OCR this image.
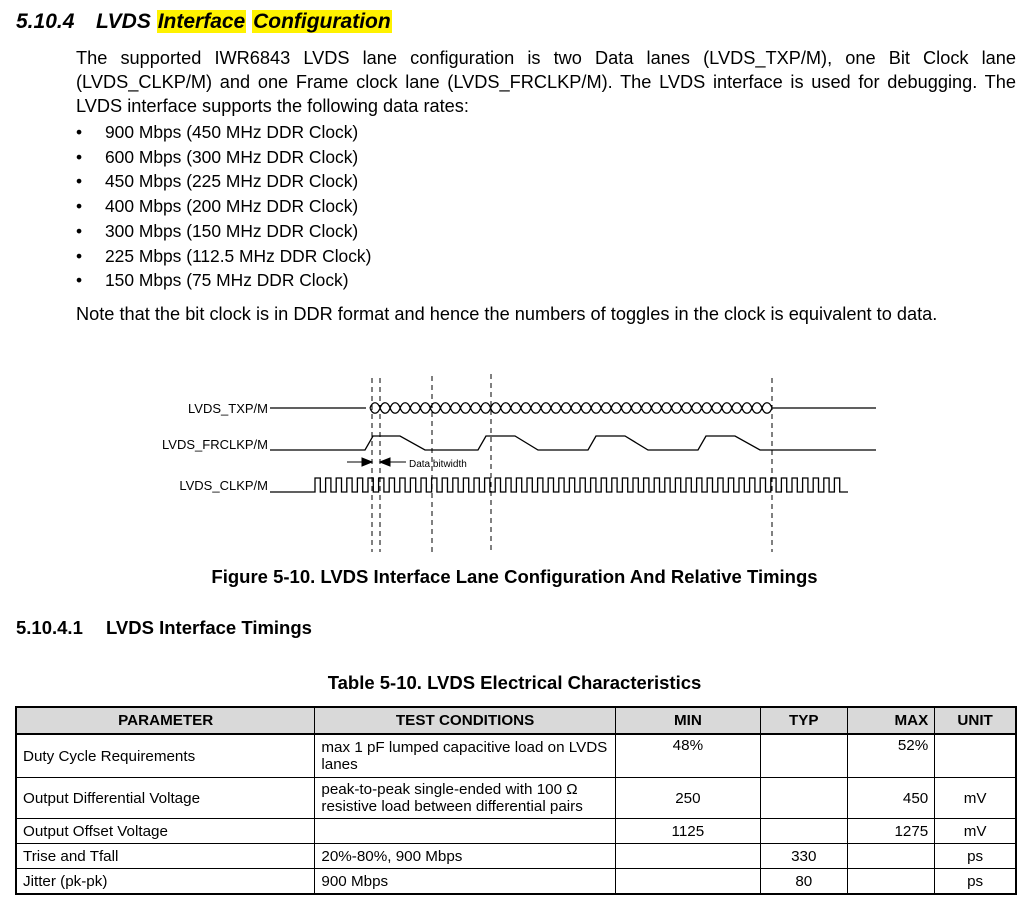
5.10.4 LVDS Interface Configuration
The supported IWR6843 LVDS lane configuration is two Data lanes (LVDS_TXP/M), one Bit Clock lane (LVDS_CLKP/M) and one Frame clock lane (LVDS_FRCLKP/M). The LVDS interface is used for debugging. The LVDS interface supports the following data rates:
• 900 Mbps (450 MHz DDR Clock)
• 600 Mbps (300 MHz DDR Clock)
• 450 Mbps (225 MHz DDR Clock)
• 400 Mbps (200 MHz DDR Clock)
• 300 Mbps (150 MHz DDR Clock)
• 225 Mbps (112.5 MHz DDR Clock)
• 150 Mbps (75 MHz DDR Clock)
Note that the bit clock is in DDR format and hence the numbers of toggles in the clock is equivalent to data.
LVDS_TXP/M
LVDS_FRCLKP/M
LVDS_CLKP/M
Data bitwidth
Figure 5-10. LVDS Interface Lane Configuration And Relative Timings
5.10.4.1 LVDS Interface Timings
Table 5-10. LVDS Electrical Characteristics
PARAMETER	TEST CONDITIONS	MIN	TYP	MAX	UNIT
Duty Cycle Requirements	max 1 pF lumped capacitive load on LVDS lanes	48%		52%	
Output Differential Voltage	peak-to-peak single-ended with 100 Ω resistive load between differential pairs	250		450	mV
Output Offset Voltage		1125		1275	mV
Trise and Tfall	20%-80%, 900 Mbps		330		ps
Jitter (pk-pk)	900 Mbps		80		ps
